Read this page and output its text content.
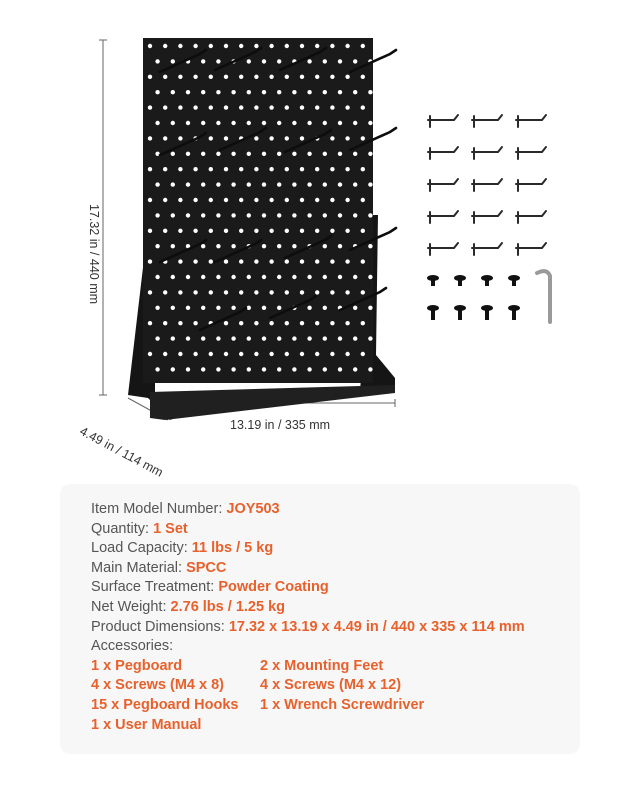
17.32 in / 440 mm
13.19 in / 335 mm
4.49 in / 114 mm
Item Model Number: JOY503
Quantity: 1 Set
Load Capacity: 11 lbs / 5 kg
Main Material: SPCC
Surface Treatment: Powder Coating
Net Weight: 2.76 lbs / 1.25 kg
Product Dimensions: 17.32 x 13.19 x 4.49 in / 440 x 335 x 114 mm
Accessories:
1 x Pegboard	2 x Mounting Feet
4 x Screws (M4 x 8)	4 x Screws (M4 x 12)
15 x Pegboard Hooks	1 x Wrench Screwdriver
1 x User Manual
